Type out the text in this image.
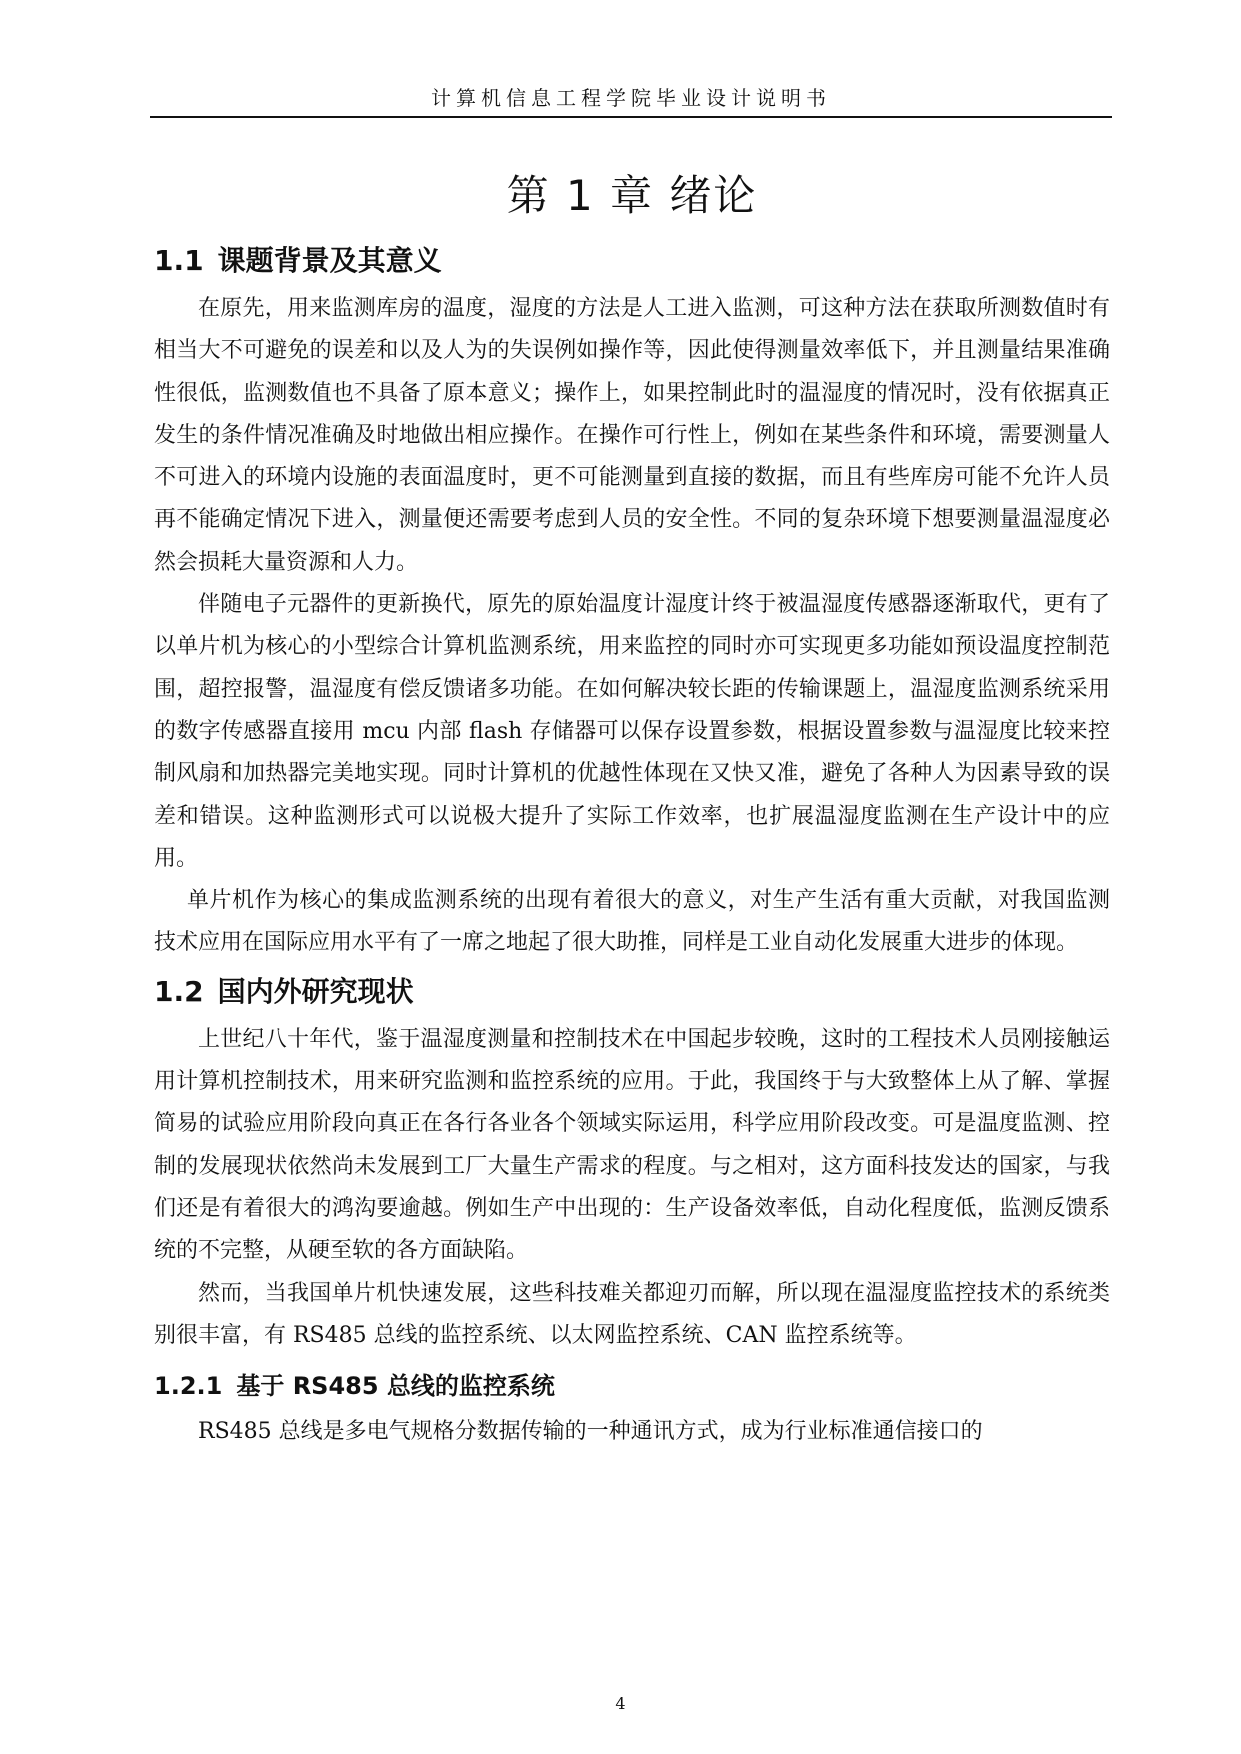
计算机信息工程学院毕业设计说明书
第 1 章 绪论
1.1 课题背景及其意义

在原先，用来监测库房的温度，湿度的方法是人工进入监测，可这种方法在获取所测数值时有相当大不可避免的误差和以及人为的失误例如操作等，因此使得测量效率低下，并且测量结果准确性很低，监测数值也不具备了原本意义；操作上，如果控制此时的温湿度的情况时，没有依据真正发生的条件情况准确及时地做出相应操作。在操作可行性上，例如在某些条件和环境，需要测量人不可进入的环境内设施的表面温度时，更不可能测量到直接的数据，而且有些库房可能不允许人员再不能确定情况下进入，测量便还需要考虑到人员的安全性。不同的复杂环境下想要测量温湿度必然会损耗大量资源和人力。

伴随电子元器件的更新换代，原先的原始温度计湿度计终于被温湿度传感器逐渐取代，更有了以单片机为核心的小型综合计算机监测系统，用来监控的同时亦可实现更多功能如预设温度控制范围，超控报警，温湿度有偿反馈诸多功能。在如何解决较长距的传输课题上，温湿度监测系统采用的数字传感器直接用 mcu 内部 flash 存储器可以保存设置参数，根据设置参数与温湿度比较来控制风扇和加热器完美地实现。同时计算机的优越性体现在又快又准，避免了各种人为因素导致的误差和错误。这种监测形式可以说极大提升了实际工作效率，也扩展温湿度监测在生产设计中的应用。

单片机作为核心的集成监测系统的出现有着很大的意义，对生产生活有重大贡献，对我国监测技术应用在国际应用水平有了一席之地起了很大助推，同样是工业自动化发展重大进步的体现。

1.2 国内外研究现状

上世纪八十年代，鉴于温湿度测量和控制技术在中国起步较晚，这时的工程技术人员刚接触运用计算机控制技术，用来研究监测和监控系统的应用。于此，我国终于与大致整体上从了解、掌握简易的试验应用阶段向真正在各行各业各个领域实际运用，科学应用阶段改变。可是温度监测、控制的发展现状依然尚未发展到工厂大量生产需求的程度。与之相对，这方面科技发达的国家，与我们还是有着很大的鸿沟要逾越。例如生产中出现的：生产设备效率低，自动化程度低，监测反馈系统的不完整，从硬至软的各方面缺陷。

然而，当我国单片机快速发展，这些科技难关都迎刃而解，所以现在温湿度监控技术的系统类别很丰富，有 RS485 总线的监控系统、以太网监控系统、CAN 监控系统等。

1.2.1 基于 RS485 总线的监控系统

RS485 总线是多电气规格分数据传输的一种通讯方式，成为行业标准通信接口的

4
